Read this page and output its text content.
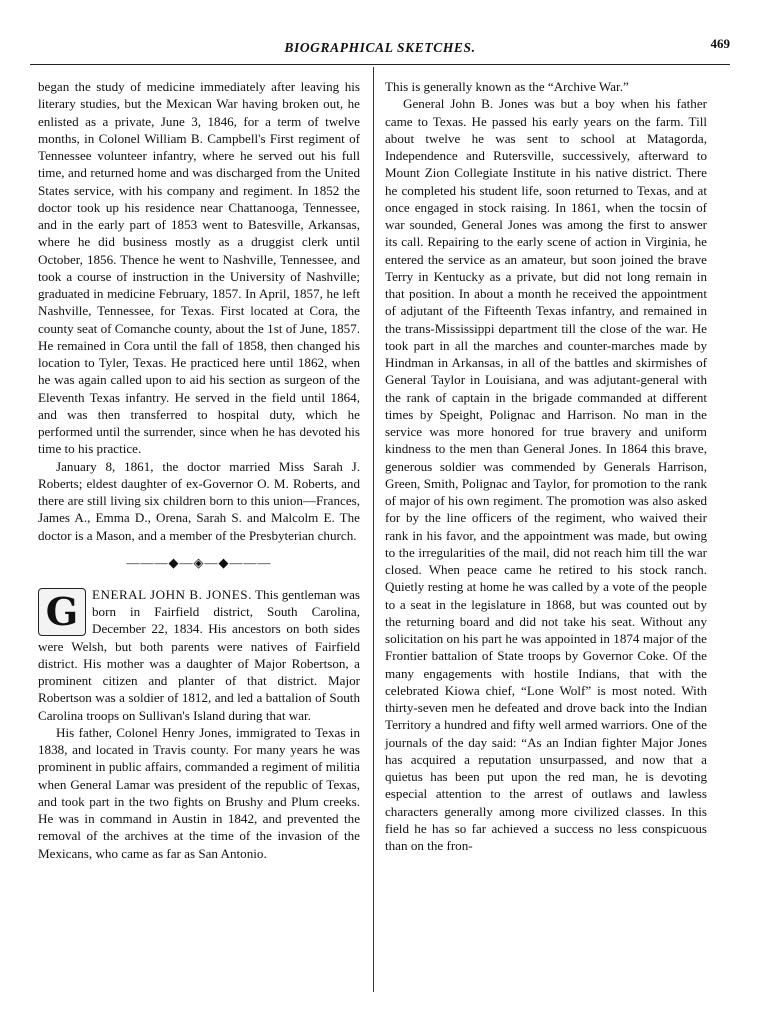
BIOGRAPHICAL SKETCHES.	469

began the study of medicine immediately after leaving his literary studies, but the Mexican War having broken out, he enlisted as a private, June 3, 1846, for a term of twelve months, in Colonel William B. Campbell's First regiment of Tennessee volunteer infantry, where he served out his full time, and returned home and was discharged from the United States service, with his company and regiment. In 1852 the doctor took up his residence near Chattanooga, Tennessee, and in the early part of 1853 went to Batesville, Arkansas, where he did business mostly as a druggist clerk until October, 1856. Thence he went to Nashville, Tennessee, and took a course of instruction in the University of Nashville; graduated in medicine February, 1857. In April, 1857, he left Nashville, Tennessee, for Texas. First located at Cora, the county seat of Comanche county, about the 1st of June, 1857. He remained in Cora until the fall of 1858, then changed his location to Tyler, Texas. He practiced here until 1862, when he was again called upon to aid his section as surgeon of the Eleventh Texas infantry. He served in the field until 1864, and was then transferred to hospital duty, which he performed until the surrender, since when he has devoted his time to his practice.

January 8, 1861, the doctor married Miss Sarah J. Roberts; eldest daughter of ex-Governor O. M. Roberts, and there are still living six children born to this union—Frances, James A., Emma D., Orena, Sarah S. and Malcolm E. The doctor is a Mason, and a member of the Presbyterian church.

———◆—◈—◆———
G	ENERAL JOHN B. JONES. This gentleman was born in Fairfield district, South Carolina, December 22, 1834. His ancestors on both sides were Welsh, but both parents were natives of Fairfield district. His mother was a daughter of Major Robertson, a prominent citizen and planter of that district. Major Robertson was a soldier of 1812, and led a battalion of South Carolina troops on Sullivan's Island during that war.

His father, Colonel Henry Jones, immigrated to Texas in 1838, and located in Travis county. For many years he was prominent in public affairs, commanded a regiment of militia when General Lamar was president of the republic of Texas, and took part in the two fights on Brushy and Plum creeks. He was in command in Austin in 1842, and prevented the removal of the archives at the time of the invasion of the Mexicans, who came as far as San Antonio.

This is generally known as the “Archive War.”

General John B. Jones was but a boy when his father came to Texas. He passed his early years on the farm. Till about twelve he was sent to school at Matagorda, Independence and Rutersville, successively, afterward to Mount Zion Collegiate Institute in his native district. There he completed his student life, soon returned to Texas, and at once engaged in stock raising. In 1861, when the tocsin of war sounded, General Jones was among the first to answer its call. Repairing to the early scene of action in Virginia, he entered the service as an amateur, but soon joined the brave Terry in Kentucky as a private, but did not long remain in that position. In about a month he received the appointment of adjutant of the Fifteenth Texas infantry, and remained in the trans-Mississippi department till the close of the war. He took part in all the marches and counter-marches made by Hindman in Arkansas, in all of the battles and skirmishes of General Taylor in Louisiana, and was adjutant-general with the rank of captain in the brigade commanded at different times by Speight, Polignac and Harrison. No man in the service was more honored for true bravery and uniform kindness to the men than General Jones. In 1864 this brave, generous soldier was commended by Generals Harrison, Green, Smith, Polignac and Taylor, for promotion to the rank of major of his own regiment. The promotion was also asked for by the line officers of the regiment, who waived their rank in his favor, and the appointment was made, but owing to the irregularities of the mail, did not reach him till the war closed. When peace came he retired to his stock ranch. Quietly resting at home he was called by a vote of the people to a seat in the legislature in 1868, but was counted out by the returning board and did not take his seat. Without any solicitation on his part he was appointed in 1874 major of the Frontier battalion of State troops by Governor Coke. Of the many engagements with hostile Indians, that with the celebrated Kiowa chief, “Lone Wolf” is most noted. With thirty-seven men he defeated and drove back into the Indian Territory a hundred and fifty well armed warriors. One of the journals of the day said: “As an Indian fighter Major Jones has acquired a reputation unsurpassed, and now that a quietus has been put upon the red man, he is devoting especial attention to the arrest of outlaws and lawless characters generally among more civilized classes. In this field he has so far achieved a success no less conspicuous than on the fron-
